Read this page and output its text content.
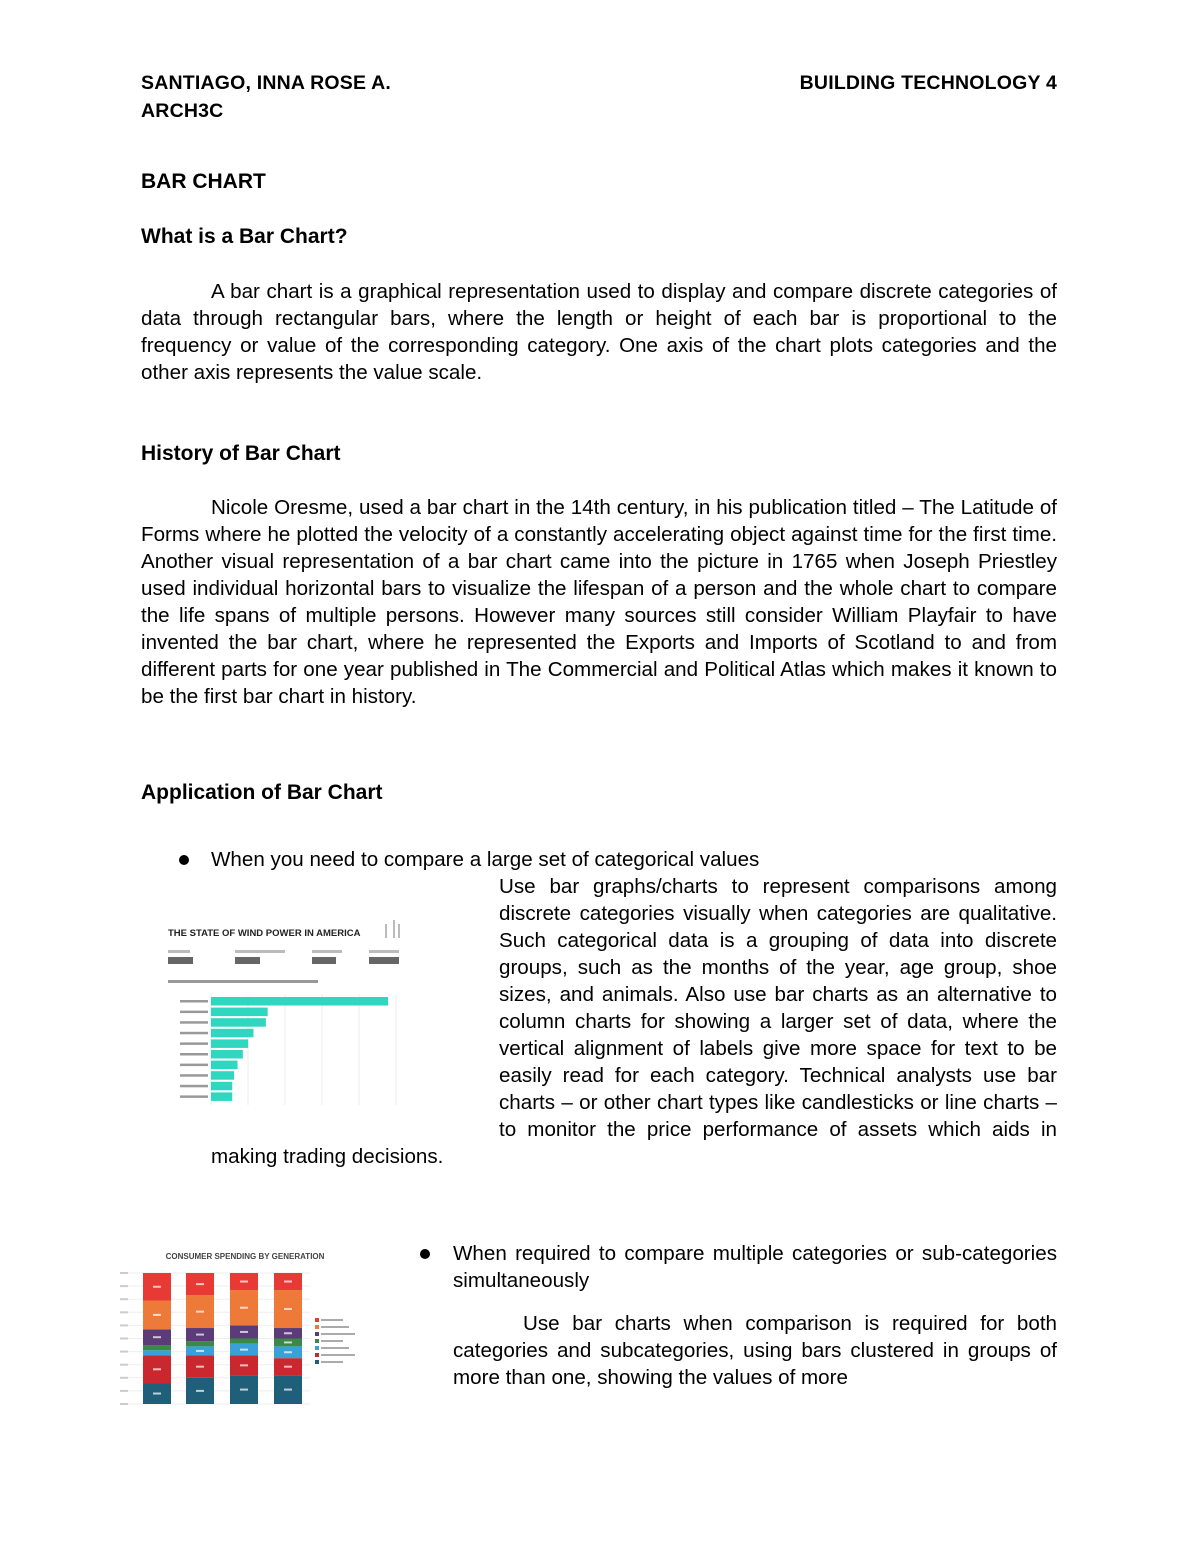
SANTIAGO, INNA ROSE A.
ARCH3C
BUILDING TECHNOLOGY 4
BAR CHART
What is a Bar Chart?
A bar chart is a graphical representation used to display and compare discrete categories of data through rectangular bars, where the length or height of each bar is proportional to the frequency or value of the corresponding category. One axis of the chart plots categories and the other axis represents the value scale.
History of Bar Chart
Nicole Oresme, used a bar chart in the 14th century, in his publication titled – The Latitude of Forms where he plotted the velocity of a constantly accelerating object against time for the first time. Another visual representation of a bar chart came into the picture in 1765 when Joseph Priestley used individual horizontal bars to visualize the lifespan of a person and the whole chart to compare the life spans of multiple persons. However many sources still consider William Playfair to have invented the bar chart, where he represented the Exports and Imports of Scotland to and from different parts for one year published in The Commercial and Political Atlas which makes it known to be the first bar chart in history.
Application of Bar Chart
When you need to compare a large set of categorical values
Use bar graphs/charts to represent comparisons among discrete categories visually when categories are qualitative. Such categorical data is a grouping of data into discrete groups, such as the months of the year, age group, shoe sizes, and animals. Also use bar charts as an alternative to column charts for showing a larger set of data, where the vertical alignment of labels give more space for text to be easily read for each category. Technical analysts use bar charts – or other chart types like candlesticks or line charts – to monitor the price performance of assets which aids in making trading decisions.
THE STATE OF WIND POWER IN AMERICA
When required to compare multiple categories or sub-categories simultaneously
Use bar charts when comparison is required for both categories and subcategories, using bars clustered in groups of more than one, showing the values of more
CONSUMER SPENDING BY GENERATION
